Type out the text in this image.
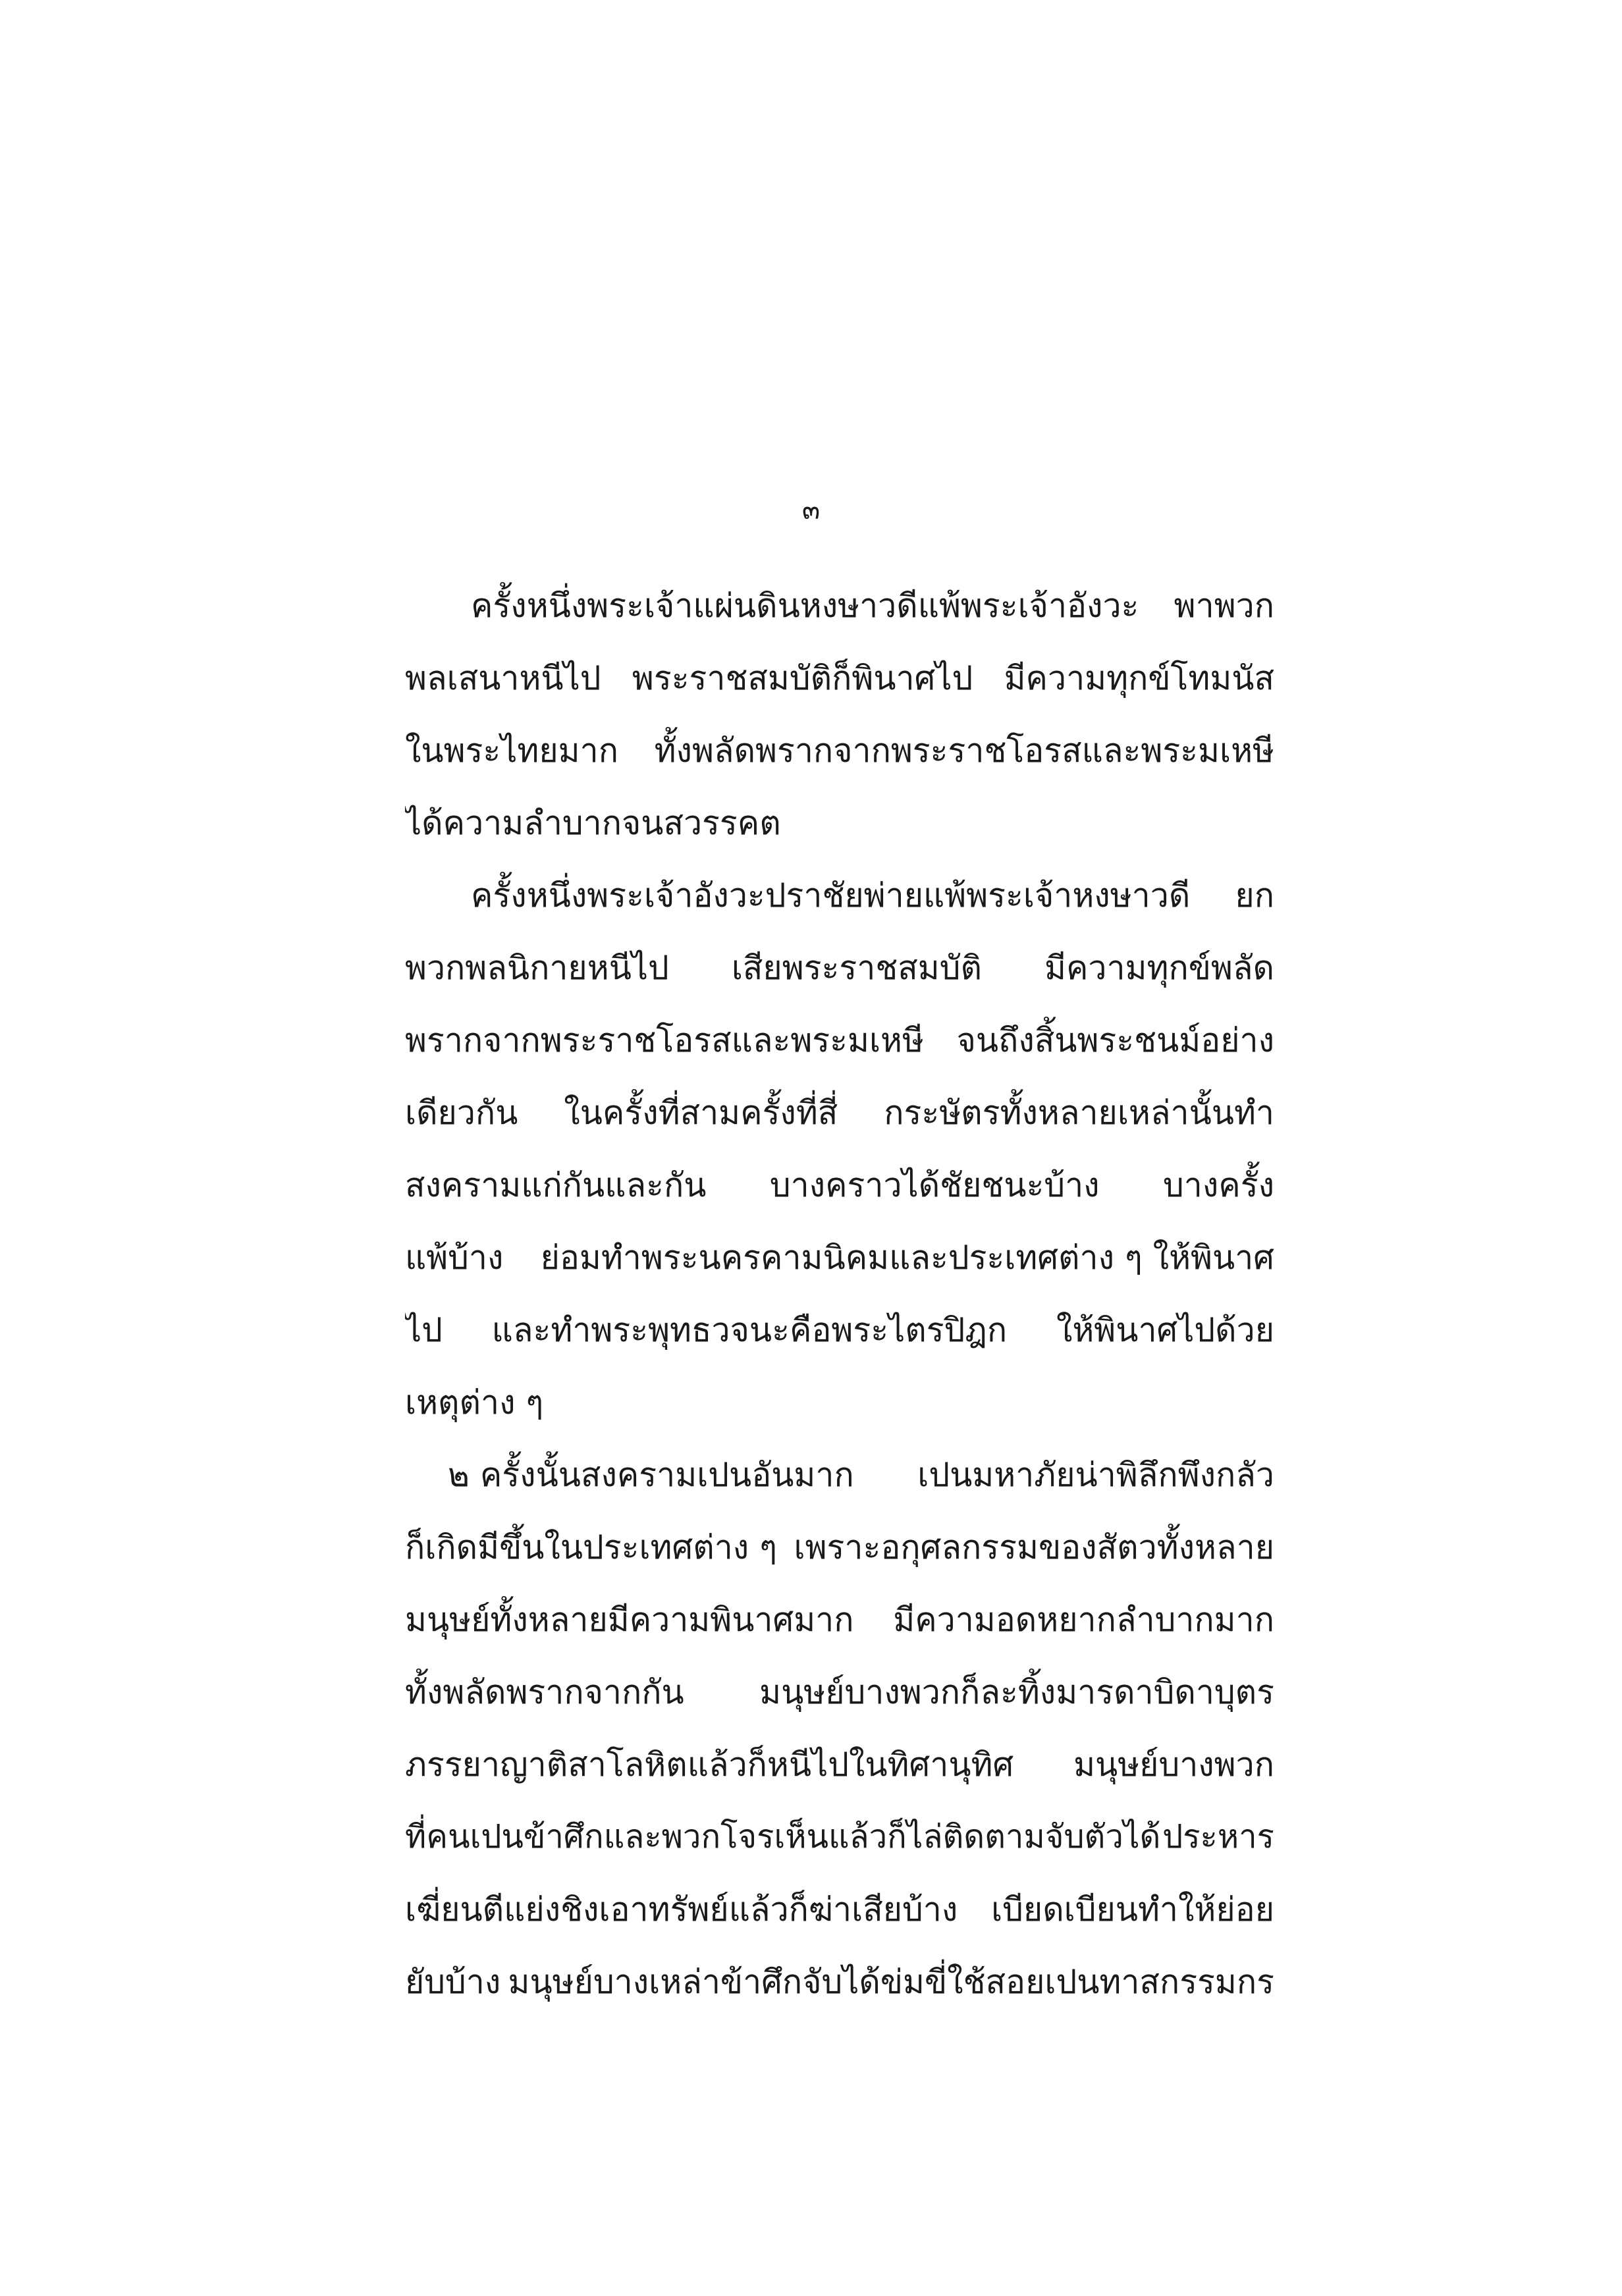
๓
ครั้งหนึ่งพระเจ้าแผ่นดินหงษาวดีแพ้พระเจ้าอังวะ พาพวก
พลเสนาหนีไป พระราชสมบัติก็พินาศไป มีความทุกข์โทมนัส
ในพระไทยมาก ทั้งพลัดพรากจากพระราชโอรสและพระมเหษี
ได้ความลำบากจนสวรรคต
ครั้งหนึ่งพระเจ้าอังวะปราชัยพ่ายแพ้พระเจ้าหงษาวดี ยก
พวกพลนิกายหนีไป เสียพระราชสมบัติ มีความทุกข์พลัด
พรากจากพระราชโอรสและพระมเหษี จนถึงสิ้นพระชนม์อย่าง
เดียวกัน ในครั้งที่สามครั้งที่สี่ กระษัตรทั้งหลายเหล่านั้นทำ
สงครามแก่กันและกัน บางคราวได้ชัยชนะบ้าง บางครั้ง
แพ้บ้าง ย่อมทำพระนครคามนิคมและประเทศต่าง ๆ ให้พินาศ
ไป และทำพระพุทธวจนะคือพระไตรปิฎก ให้พินาศไปด้วย
เหตุต่าง ๆ
๒ ครั้งนั้นสงครามเปนอันมาก เปนมหาภัยน่าพิลึกพึงกลัว
ก็เกิดมีขึ้นในประเทศต่าง ๆ เพราะอกุศลกรรมของสัตวทั้งหลาย
มนุษย์ทั้งหลายมีความพินาศมาก มีความอดหยากลำบากมาก
ทั้งพลัดพรากจากกัน มนุษย์บางพวกก็ละทิ้งมารดาบิดาบุตร
ภรรยาญาติสาโลหิตแล้วก็หนีไปในทิศานุทิศ มนุษย์บางพวก
ที่คนเปนข้าศึกและพวกโจรเห็นแล้วก็ไล่ติดตามจับตัวได้ ประหาร
เฆี่ยนตีแย่งชิงเอาทรัพย์แล้วก็ฆ่าเสียบ้าง เบียดเบียนทำให้ย่อย
ยับบ้าง มนุษย์บางเหล่าข้าศึกจับได้ข่มขี่ใช้สอยเปนทาสกรรมกร
